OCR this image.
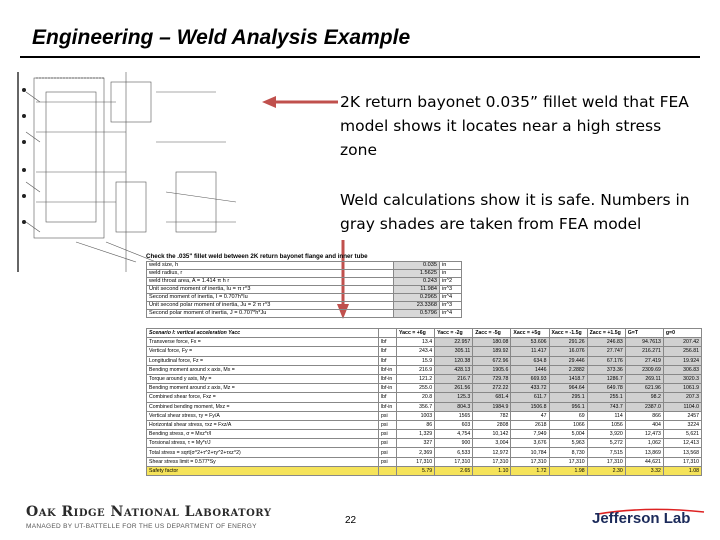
Engineering – Weld Analysis Example
2K return bayonet 0.035” fillet weld that FEA model shows it locates near a high stress zone
Weld calculations show it is safe. Numbers in gray shades are taken from FEA model
Check the .035" fillet weld between 2K return bayonet flange and inner tube
weld size, h	0.035	in
weld radius, r	1.5625	in
weld throat area, A = 1.414 π h r	0.243	in^2
Unit second moment of inertia, Iu = π r^3	11.984	in^3
Second moment of inertia, I = 0.707h*Iu	0.2965	in^4
Unit second polar moment of inertia, Ju = 2 π r^3	23.3368	in^3
Second polar moment of inertia, J = 0.707*h*Ju	0.5796	in^4
Scenario I: vertical acceleration Yacc		Yacc = +6g	Yacc = -2g	Zacc = -5g	Xacc = +5g	Xacc = -1.5g	Zacc = +1.5g	G=T	g=0
Transverse force, Fx =	lbf	13.4	22.957	180.08	53.606	291.26	246.83	94.7613	207.42
Vertical force, Fy =	lbf	243.4	305.11	189.92	11.417	16.076	27.747	216.271	256.81
Longitudinal force, Fz =	lbf	15.9	120.38	672.96	634.8	29.446	67.176	27.419	19.924
Bending moment around x axis, Mx =	lbf-in	216.9	428.13	1905.6	1446	2.2882	373.36	2309.69	306.83
Torque around y axis, My =	lbf-in	121.2	216.7	729.78	669.93	1418.7	1286.7	269.11	3020.3
Bending moment around z axis, Mz =	lbf-in	255.0	261.56	272.22	433.72	964.64	649.78	621.96	1061.9
Combined shear force, Fxz =	lbf	20.8	125.3	681.4	611.7	295.1	255.1	98.2	207.3
Combined bending moment, Mxz =	lbf-in	356.7	804.3	1984.9	1506.8	956.1	743.7	2387.0	1104.0
Vertical shear stress, τy = Fy/A	psi	1003	1565	782	47	69	114	866	2457
Horizontal shear stress, τxz = Fxz/A	psi	86	603	2808	2618	1066	1056	404	3224
Bending stress, σ = Mxz*r/I	psi	1,329	4,754	10,142	7,949	5,004	3,920	12,473	5,621
Torsional stress, τ = My*r/J	psi	327	900	3,004	3,676	5,963	5,272	1,062	12,413
Total stress = sqrt(σ^2+τ^2+τy^2+τxz^2)	psi	2,369	6,533	12,972	10,784	8,730	7,515	13,869	13,568
Shear stress limit = 0.577*Sy	psi	17,310	17,310	17,310	17,310	17,310	17,310	44,621	17,310
Safety factor		5.79	2.65	1.10	1.72	1.98	2.30	3.32	1.08
Oak Ridge National Laboratory
MANAGED BY UT-BATTELLE FOR THE US DEPARTMENT OF ENERGY
22	Jefferson Lab
